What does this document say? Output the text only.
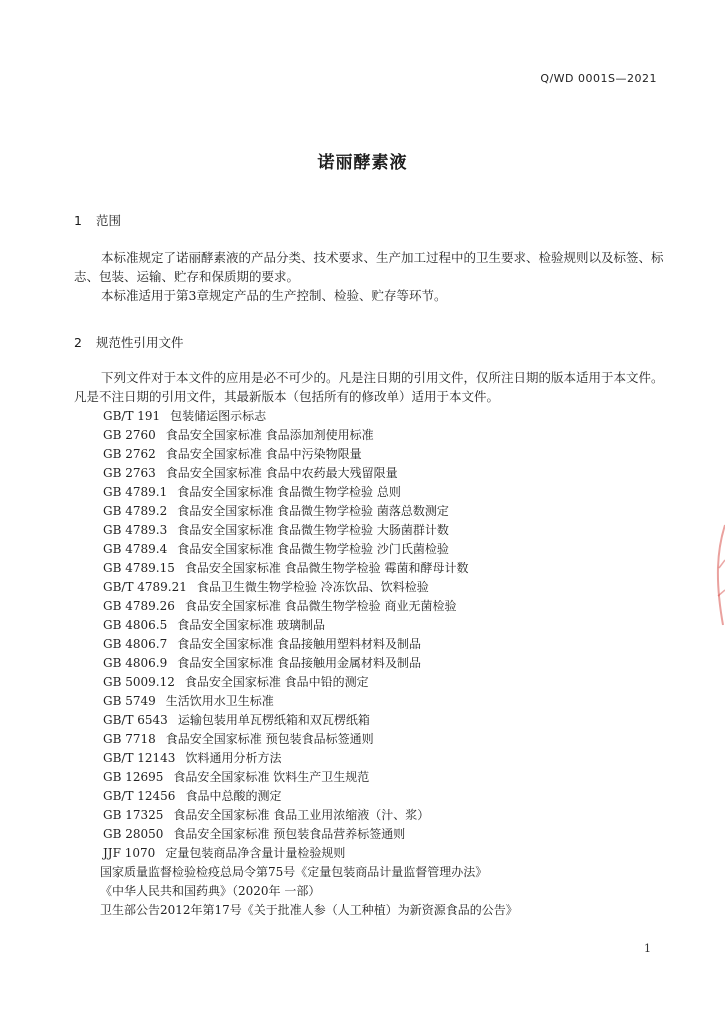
Q/WD 0001S—2021
诺丽酵素液
1 范围

本标准规定了诺丽酵素液的产品分类、技术要求、生产加工过程中的卫生要求、检验规则以及标签、标志、包装、运输、贮存和保质期的要求。

本标准适用于第3章规定产品的生产控制、检验、贮存等环节。

2 规范性引用文件

下列文件对于本文件的应用是必不可少的。凡是注日期的引用文件，仅所注日期的版本适用于本文件。凡是不注日期的引用文件，其最新版本（包括所有的修改单）适用于本文件。

GB/T 191 包装储运图示标志
GB 2760 食品安全国家标准 食品添加剂使用标准
GB 2762 食品安全国家标准 食品中污染物限量
GB 2763 食品安全国家标准 食品中农药最大残留限量
GB 4789.1 食品安全国家标准 食品微生物学检验 总则
GB 4789.2 食品安全国家标准 食品微生物学检验 菌落总数测定
GB 4789.3 食品安全国家标准 食品微生物学检验 大肠菌群计数
GB 4789.4 食品安全国家标准 食品微生物学检验 沙门氏菌检验
GB 4789.15 食品安全国家标准 食品微生物学检验 霉菌和酵母计数
GB/T 4789.21 食品卫生微生物学检验 冷冻饮品、饮料检验
GB 4789.26 食品安全国家标准 食品微生物学检验 商业无菌检验
GB 4806.5 食品安全国家标准 玻璃制品
GB 4806.7 食品安全国家标准 食品接触用塑料材料及制品
GB 4806.9 食品安全国家标准 食品接触用金属材料及制品
GB 5009.12 食品安全国家标准 食品中铅的测定
GB 5749 生活饮用水卫生标准
GB/T 6543 运输包装用单瓦楞纸箱和双瓦楞纸箱
GB 7718 食品安全国家标准 预包装食品标签通则
GB/T 12143 饮料通用分析方法
GB 12695 食品安全国家标准 饮料生产卫生规范
GB/T 12456 食品中总酸的测定
GB 17325 食品安全国家标准 食品工业用浓缩液（汁、浆）
GB 28050 食品安全国家标准 预包装食品营养标签通则
JJF 1070 定量包装商品净含量计量检验规则
国家质量监督检验检疫总局令第75号《定量包装商品计量监督管理办法》
《中华人民共和国药典》（2020年 一部）
卫生部公告2012年第17号《关于批准人参（人工种植）为新资源食品的公告》
1
